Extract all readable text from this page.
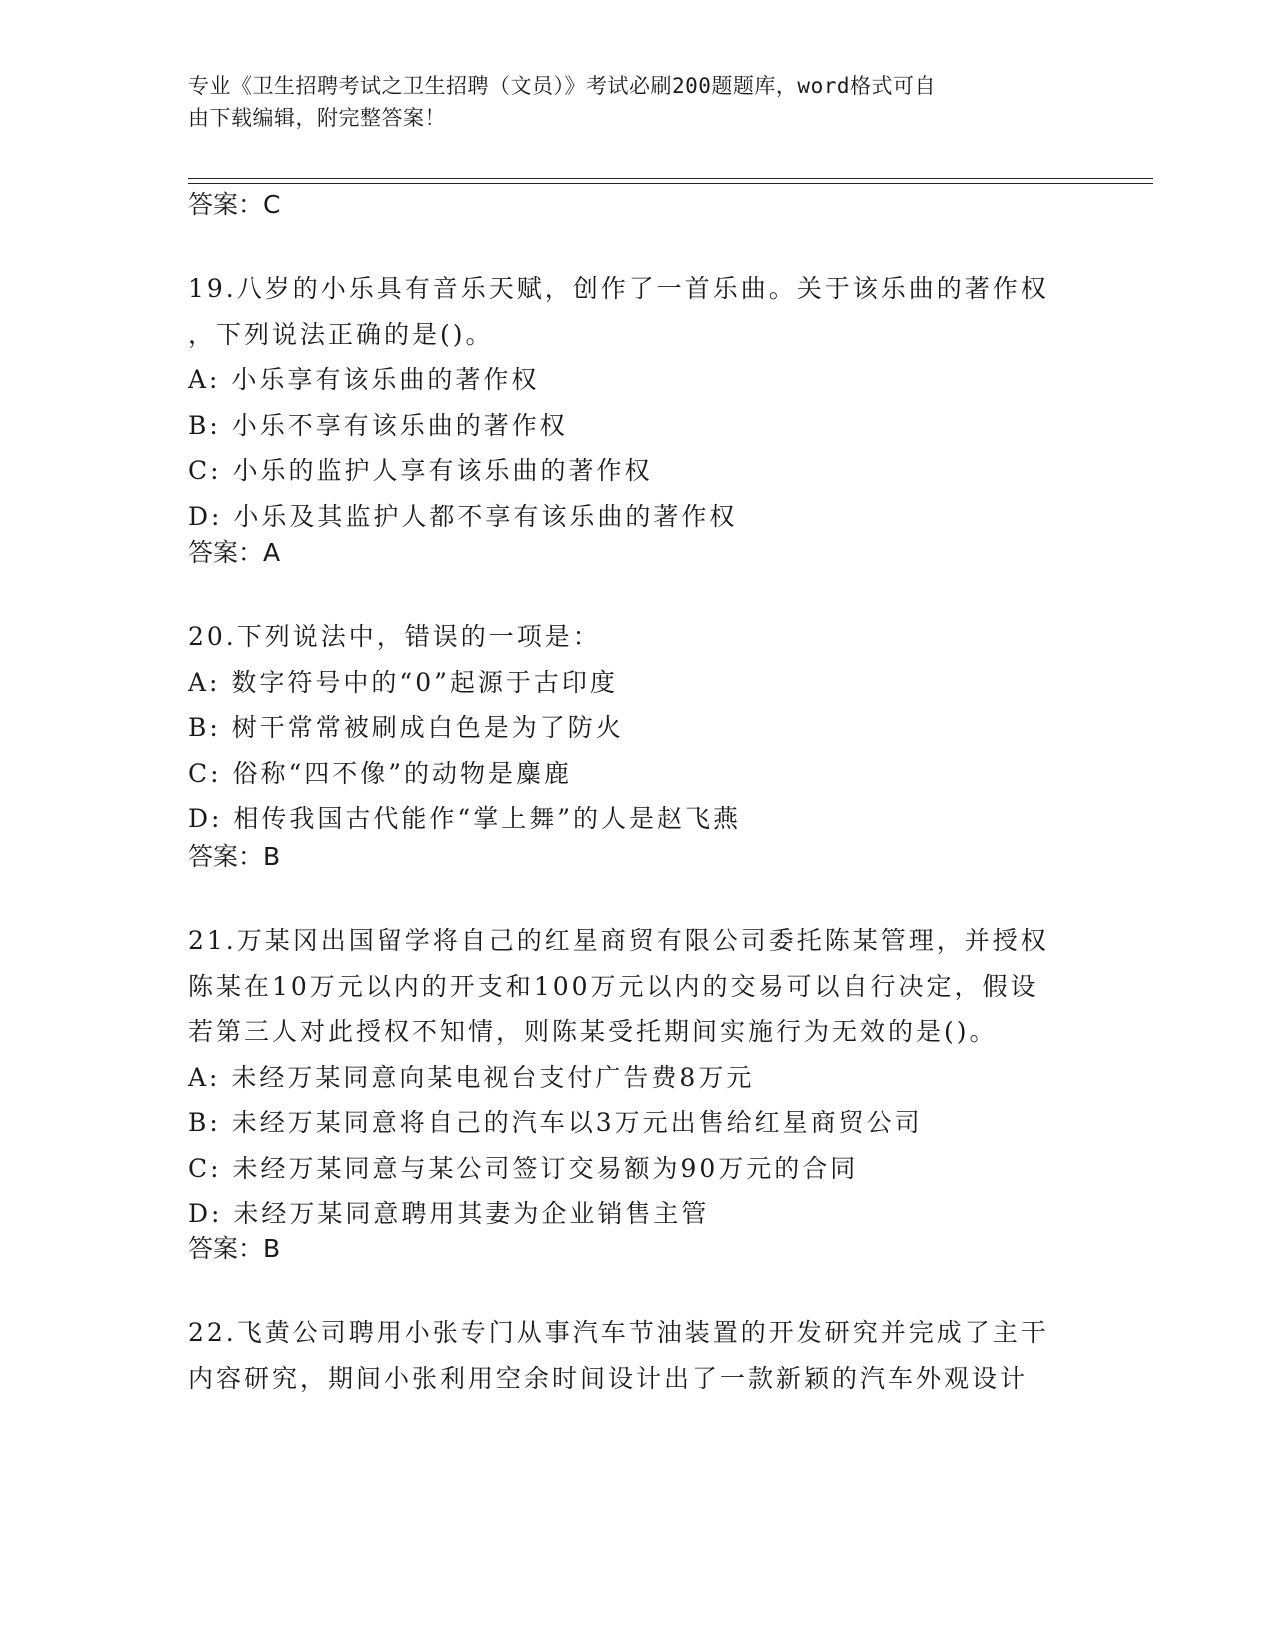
专业《卫生招聘考试之卫生招聘（文员）》考试必刷200题题库，word格式可自
由下载编辑，附完整答案！
答案：C
19.八岁的小乐具有音乐天赋，创作了一首乐曲。关于该乐曲的著作权
，下列说法正确的是()。
A: 小乐享有该乐曲的著作权
B: 小乐不享有该乐曲的著作权
C: 小乐的监护人享有该乐曲的著作权
D: 小乐及其监护人都不享有该乐曲的著作权
答案：A
20.下列说法中，错误的一项是：
A: 数字符号中的“0”起源于古印度
B: 树干常常被刷成白色是为了防火
C: 俗称“四不像”的动物是麋鹿
D: 相传我国古代能作“掌上舞”的人是赵飞燕
答案：B
21.万某冈出国留学将自己的红星商贸有限公司委托陈某管理，并授权
陈某在10万元以内的开支和100万元以内的交易可以自行决定，假设
若第三人对此授权不知情，则陈某受托期间实施行为无效的是()。
A: 未经万某同意向某电视台支付广告费8万元
B: 未经万某同意将自己的汽车以3万元出售给红星商贸公司
C: 未经万某同意与某公司签订交易额为90万元的合同
D: 未经万某同意聘用其妻为企业销售主管
答案：B
22.飞黄公司聘用小张专门从事汽车节油装置的开发研究并完成了主干
内容研究，期间小张利用空余时间设计出了一款新颖的汽车外观设计
